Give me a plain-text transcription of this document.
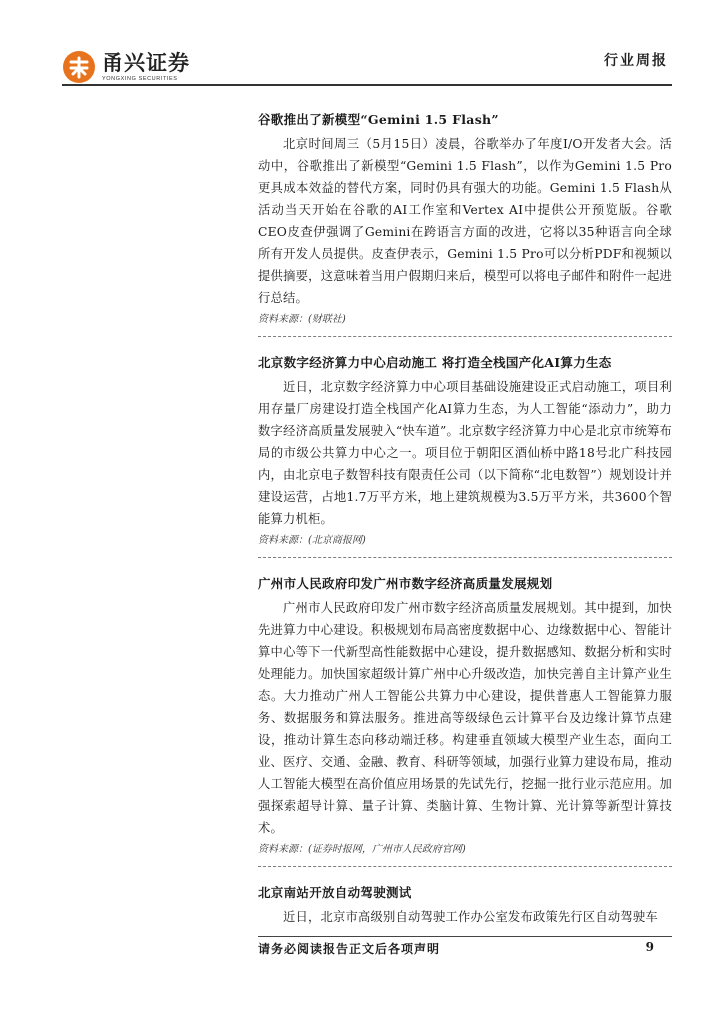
甬兴证券
YONGXING SECURITIES
行业周报
谷歌推出了新模型“Gemini 1.5 Flash”

北京时间周三（5月15日）凌晨，谷歌举办了年度I/O开发者大会。活动中，谷歌推出了新模型“Gemini 1.5 Flash”，以作为Gemini 1.5 Pro更具成本效益的替代方案，同时仍具有强大的功能。Gemini 1.5 Flash从活动当天开始在谷歌的AI工作室和Vertex AI中提供公开预览版。谷歌CEO皮查伊强调了Gemini在跨语言方面的改进，它将以35种语言向全球所有开发人员提供。皮查伊表示，Gemini 1.5 Pro可以分析PDF和视频以提供摘要，这意味着当用户假期归来后，模型可以将电子邮件和附件一起进行总结。

资料来源：(财联社)

北京数字经济算力中心启动施工 将打造全栈国产化AI算力生态

近日，北京数字经济算力中心项目基础设施建设正式启动施工，项目利用存量厂房建设打造全栈国产化AI算力生态，为人工智能“添动力”，助力数字经济高质量发展驶入“快车道”。北京数字经济算力中心是北京市统筹布局的市级公共算力中心之一。项目位于朝阳区酒仙桥中路18号北广科技园内，由北京电子数智科技有限责任公司（以下简称“北电数智”）规划设计并建设运营，占地1.7万平方米，地上建筑规模为3.5万平方米，共3600个智能算力机柜。

资料来源：(北京商报网)

广州市人民政府印发广州市数字经济高质量发展规划

广州市人民政府印发广州市数字经济高质量发展规划。其中提到，加快先进算力中心建设。积极规划布局高密度数据中心、边缘数据中心、智能计算中心等下一代新型高性能数据中心建设，提升数据感知、数据分析和实时处理能力。加快国家超级计算广州中心升级改造，加快完善自主计算产业生态。大力推动广州人工智能公共算力中心建设，提供普惠人工智能算力服务、数据服务和算法服务。推进高等级绿色云计算平台及边缘计算节点建设，推动计算生态向移动端迁移。构建垂直领域大模型产业生态，面向工业、医疗、交通、金融、教育、科研等领域，加强行业算力建设布局，推动人工智能大模型在高价值应用场景的先试先行，挖掘一批行业示范应用。加强探索超导计算、量子计算、类脑计算、生物计算、光计算等新型计算技术。

资料来源：(证券时报网，广州市人民政府官网)

北京南站开放自动驾驶测试

近日，北京市高级别自动驾驶工作办公室发布政策先行区自动驾驶车

请务必阅读报告正文后各项声明	9
